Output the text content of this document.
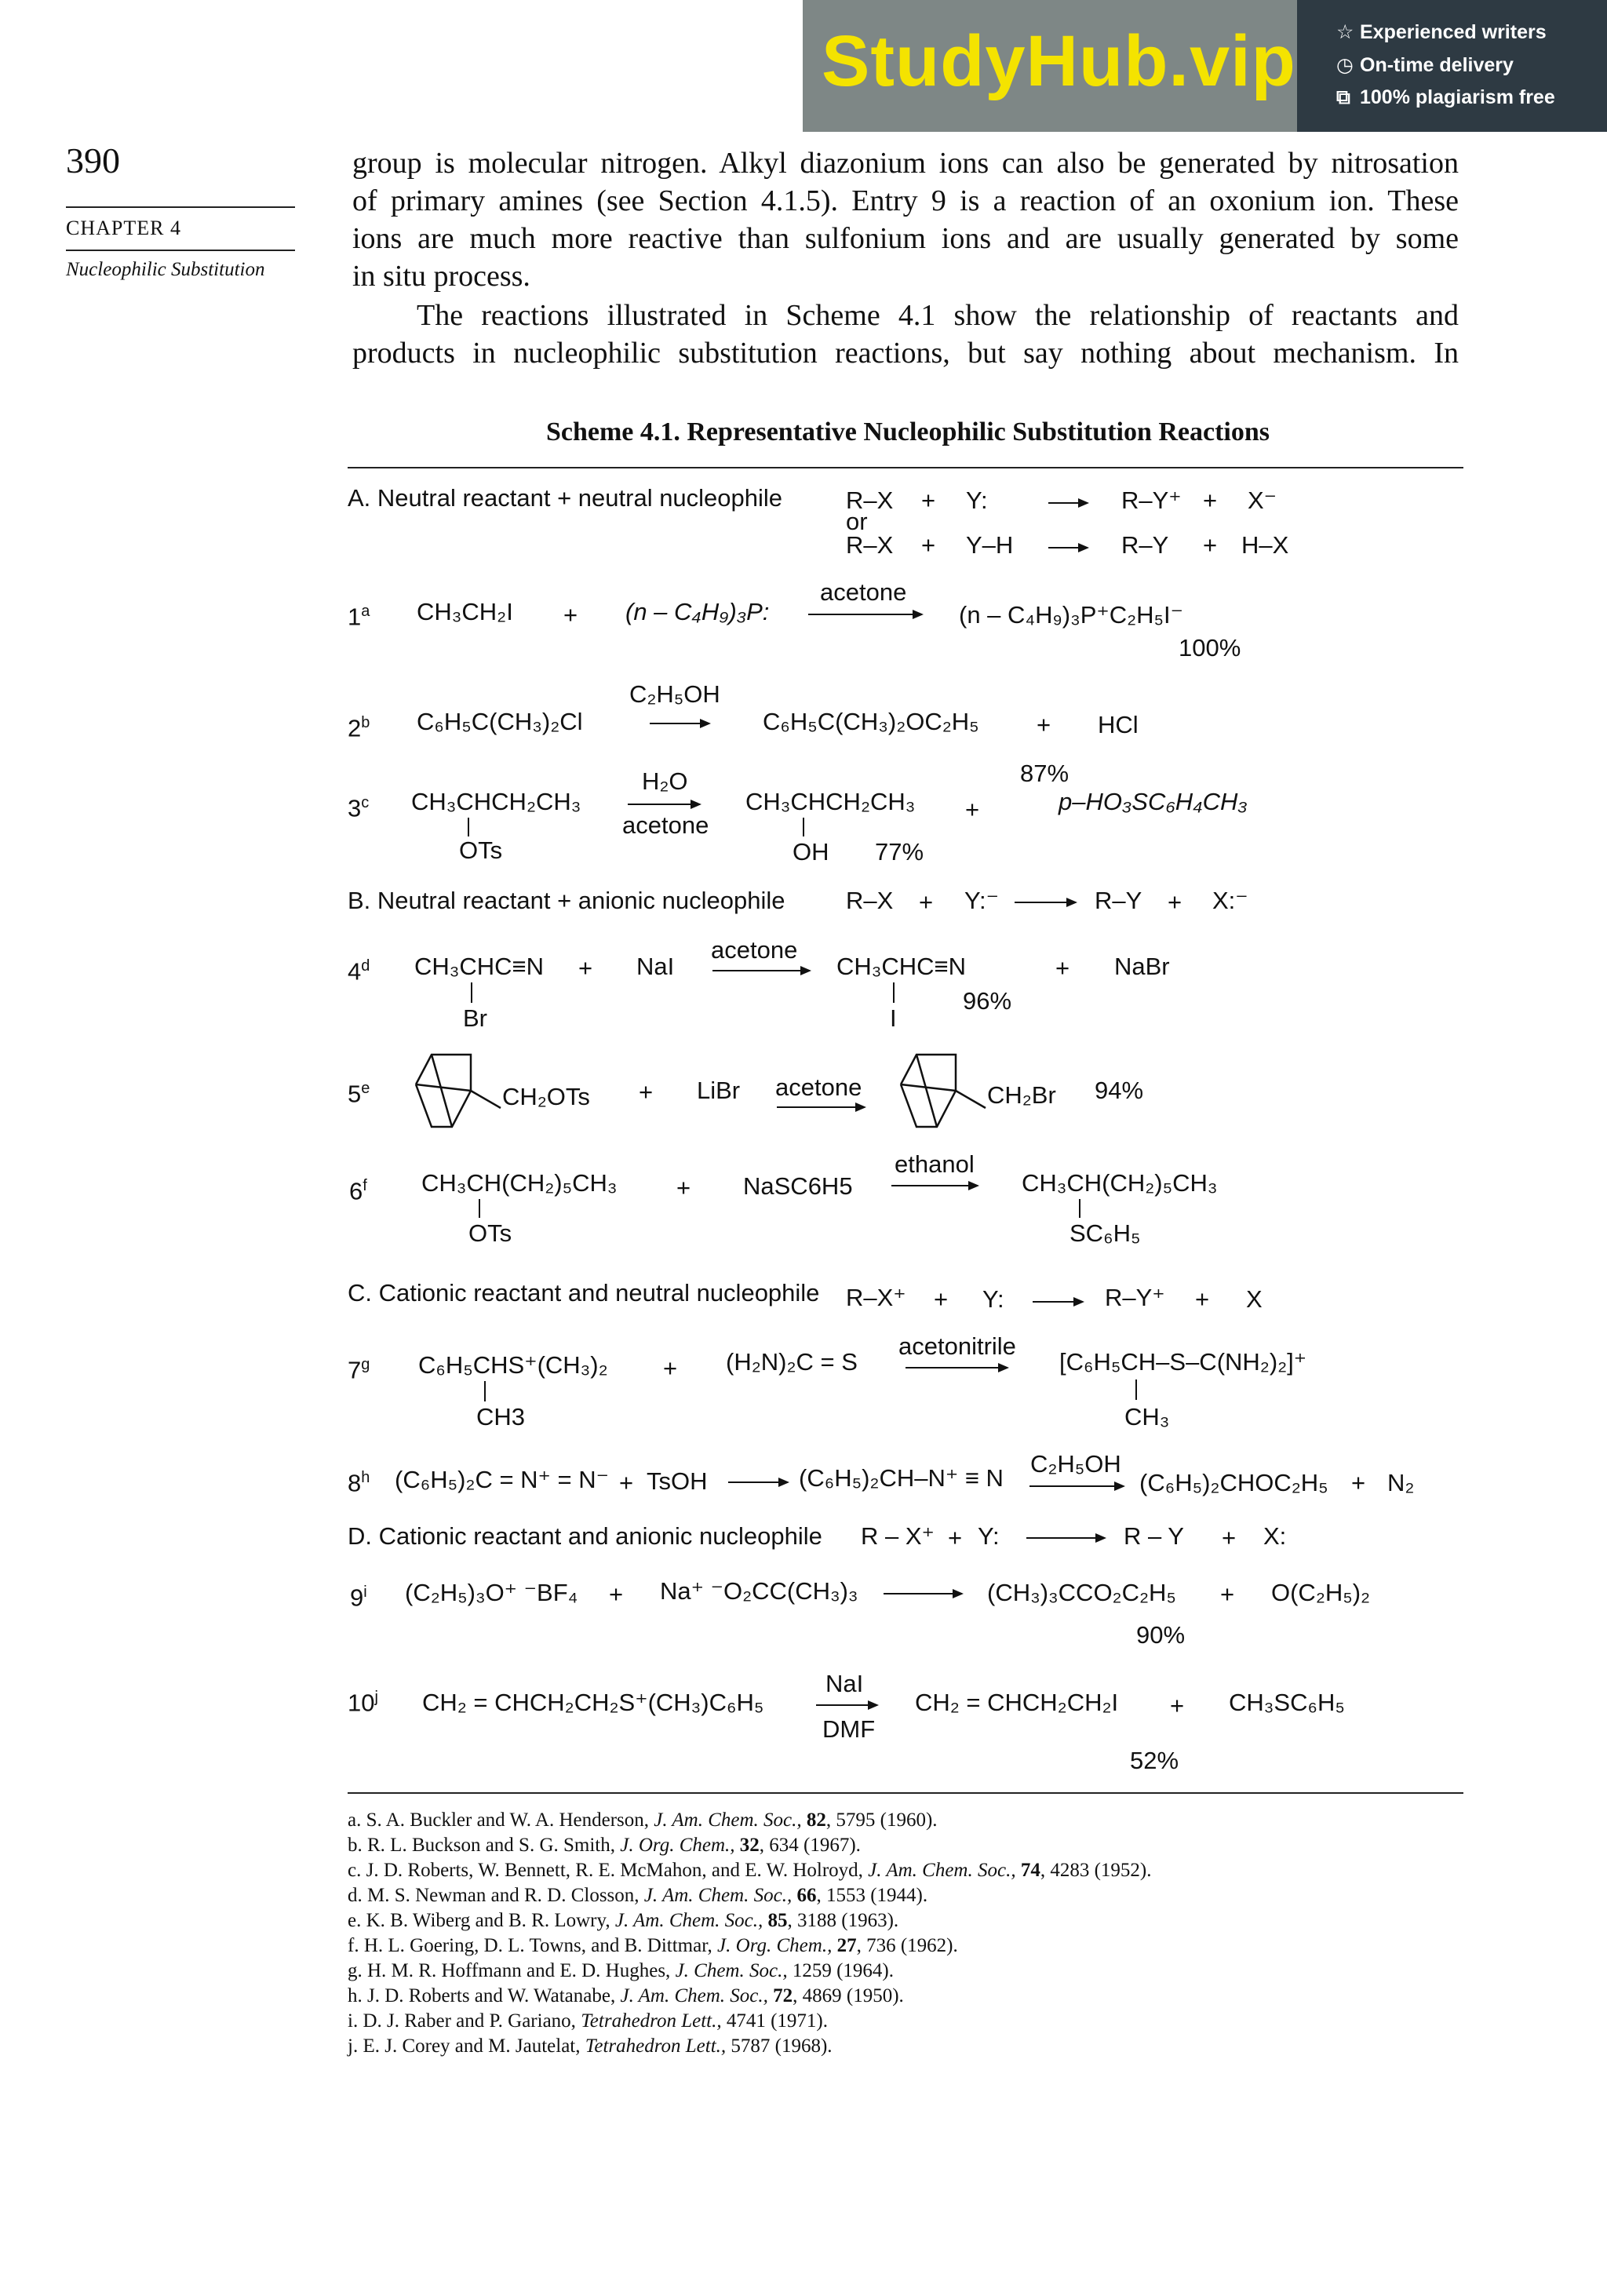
StudyHub.vip ☆ Experienced writers
◷ On-time delivery
⧉ 100% plagiarism free
390
CHAPTER 4
Nucleophilic Substitution
group is molecular nitrogen. Alkyl diazonium ions can also be generated by nitrosation
of primary amines (see Section 4.1.5). Entry 9 is a reaction of an oxonium ion. These
ions are much more reactive than sulfonium ions and are usually generated by some
in situ process.
The reactions illustrated in Scheme 4.1 show the relationship of reactants and
products in nucleophilic substitution reactions, but say nothing about mechanism. In
Scheme 4.1. Representative Nucleophilic Substitution Reactions
A. Neutral reactant + neutral nucleophile
or
R–X + Y:	R–Y⁺ + X⁻
R–X + Y–H	R–Y + H–X
1$^a$ CH₃CH₂I + (n – C₄H₉)₃P:
acetone
(n – C₄H₉)₃P⁺C₂H₅I⁻
100%
2$^b$ C₆H₅C(CH₃)₂Cl
C₂H₅OH
C₆H₅C(CH₃)₂OC₂H₅ + HCl
3$^c$ CH₃CHCH₂CH₃
OTs
H₂O
acetone
CH₃CHCH₂CH₃
OH 77%
+
87%
p–HO₃SC₆H₄CH₃
B. Neutral reactant + anionic nucleophile	R–X + Y:⁻	R–Y + X:⁻
4$^d$ CH₃CHC≡N
Br
+ NaI
acetone
CH₃CHC≡N
I
96%
+ NaBr
5e	CH₂OTs + LiBr acetone	CH₂Br 94%
6$^f$ CH₃CH(CH₂)₅CH₃
OTs
+ NaSC6H5
ethanol
CH₃CH(CH₂)₅CH₃
SC₆H₅
C. Cationic reactant and neutral nucleophile R–X⁺ + Y:	R–Y⁺ + X
7$^g$ C₆H₅CHS⁺(CH₃)₂
CH3
+ (H₂N)₂C = S
acetonitrile
[C₆H₅CH–S–C(NH₂)₂]⁺
CH₃
8$^h$ (C₆H₅)₂C = N⁺ = N⁻ + TsOH	(C₆H₅)₂CH–N⁺ ≡ N
C₂H₅OH
(C₆H₅)₂CHOC₂H₅ + N₂
D. Cationic reactant and anionic nucleophile R – X⁺ + Y:	R – Y + X:
9$^i$ (C₂H₅)₃O⁺ ⁻BF₄ + Na⁺ ⁻O₂CC(CH₃)₃	(CH₃)₃CCO₂C₂H₅ + O(C₂H₅)₂
90%
10$^j$ CH₂ = CHCH₂CH₂S⁺(CH₃)C₆H₅
NaI
DMF
CH₂ = CHCH₂CH₂I + CH₃SC₆H₅
52%
a. S. A. Buckler and W. A. Henderson, J. Am. Chem. Soc., 82, 5795 (1960).
b. R. L. Buckson and S. G. Smith, J. Org. Chem., 32, 634 (1967).
c. J. D. Roberts, W. Bennett, R. E. McMahon, and E. W. Holroyd, J. Am. Chem. Soc., 74, 4283 (1952).
d. M. S. Newman and R. D. Closson, J. Am. Chem. Soc., 66, 1553 (1944).
e. K. B. Wiberg and B. R. Lowry, J. Am. Chem. Soc., 85, 3188 (1963).
f. H. L. Goering, D. L. Towns, and B. Dittmar, J. Org. Chem., 27, 736 (1962).
g. H. M. R. Hoffmann and E. D. Hughes, J. Chem. Soc., 1259 (1964).
h. J. D. Roberts and W. Watanabe, J. Am. Chem. Soc., 72, 4869 (1950).
i. D. J. Raber and P. Gariano, Tetrahedron Lett., 4741 (1971).
j. E. J. Corey and M. Jautelat, Tetrahedron Lett., 5787 (1968).
